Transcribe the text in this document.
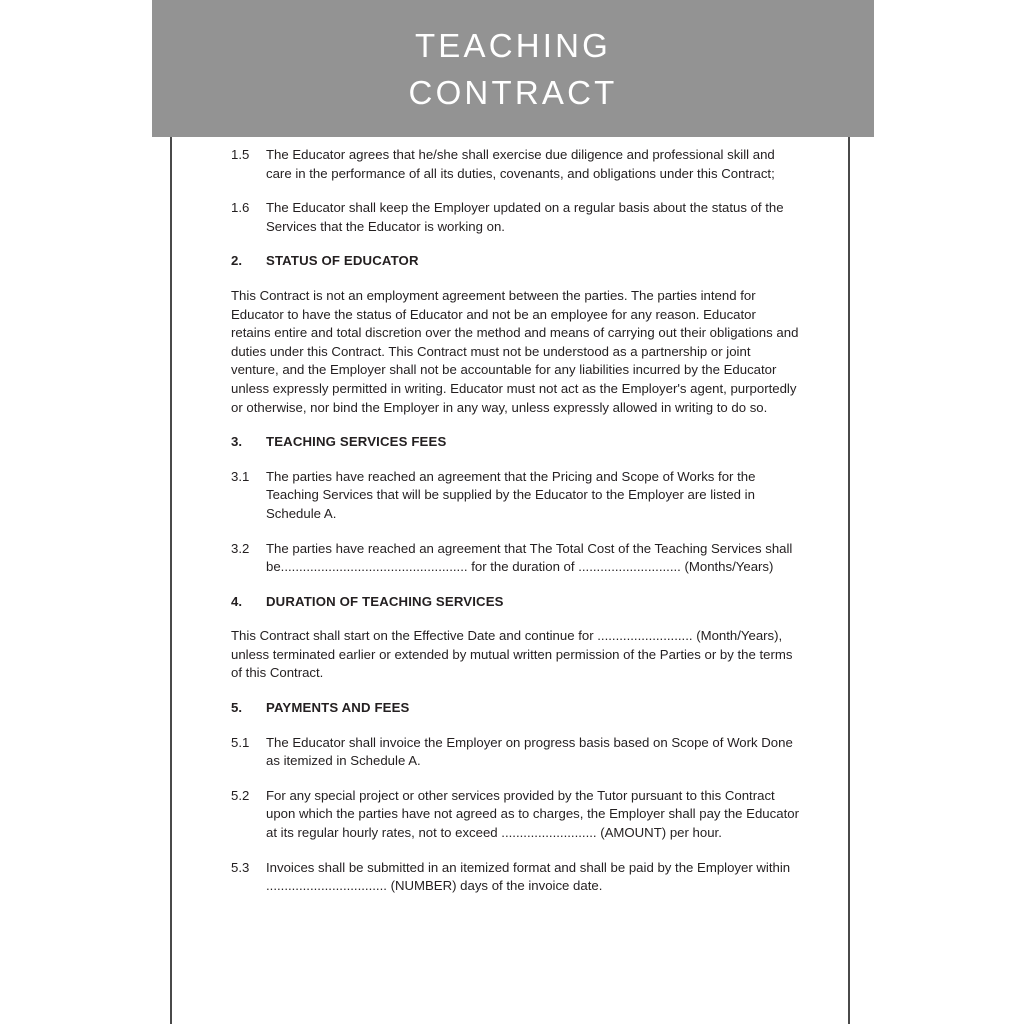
TEACHING
CONTRACT
1.5	The Educator agrees that he/she shall exercise due diligence and professional skill and care in the performance of all its duties, covenants, and obligations under this Contract;
1.6	The Educator shall keep the Employer updated on a regular basis about the status of the Services that the Educator is working on.
2.	STATUS OF EDUCATOR
This Contract is not an employment agreement between the parties. The parties intend for Educator to have the status of Educator and not be an employee for any reason. Educator retains entire and total discretion over the method and means of carrying out their obligations and duties under this Contract. This Contract must not be understood as a partnership or joint venture, and the Employer shall not be accountable for any liabilities incurred by the Educator unless expressly permitted in writing. Educator must not act as the Employer's agent, purportedly or otherwise, nor bind the Employer in any way, unless expressly allowed in writing to do so.
3.	TEACHING SERVICES FEES
3.1	The parties have reached an agreement that the Pricing and Scope of Works for the Teaching Services that will be supplied by the Educator to the Employer are listed in Schedule A.
3.2	The parties have reached an agreement that The Total Cost of the Teaching Services shall be................................................... for the duration of ............................ (Months/Years)
4.	DURATION OF TEACHING SERVICES
This Contract shall start on the Effective Date and continue for .......................... (Month/Years), unless terminated earlier or extended by mutual written permission of the Parties or by the terms of this Contract.
5.	PAYMENTS AND FEES
5.1	The Educator shall invoice the Employer on progress basis based on Scope of Work Done as itemized in Schedule A.
5.2	For any special project or other services provided by the Tutor pursuant to this Contract upon which the parties have not agreed as to charges, the Employer shall pay the Educator at its regular hourly rates, not to exceed .......................... (AMOUNT) per hour.
5.3	Invoices shall be submitted in an itemized format and shall be paid by the Employer within ................................. (NUMBER) days of the invoice date.
